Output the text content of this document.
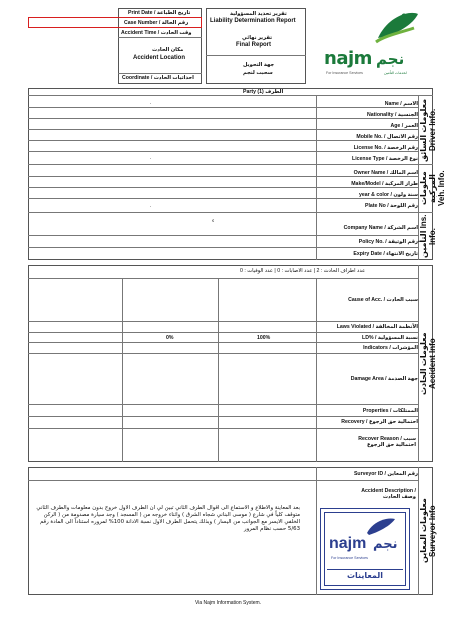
Print Date / تاريخ الطباعة
Case Number / رقم الحالة
Accident Time / وقت الحادث
مكان الحادث
Accident Location
Coordinate / احداثيات الحادث
تقرير تحديد المسؤولية
Liability Determination Report
تقرير نهائي
Final Report
جهة التحويل
سحبت لنجم
najm نجم
For Insurance Services	لخدمات التأمين
Party (1) الطرف
معلومات السائق Driver Info.
Name / الاسم
Nationality / الجنسية
Age / العمر
Mobile No. / رقم الاتصال
License No. / رقم الرخصة
License Type / نوع الرخصة
معلومات المركبة Veh. Info.
Owner Name / اسم المالك
Make/Model / طراز المركبة
year & color / سنة ولون
Plate No / رقم اللوحة
التأمين Ins. Info.
Company Name / اسم الشركة
Policy No. / رقم الوثيقة
Expiry Date / تاريخ الانتهاء
ء
.
.
.
عدد اطراف الحادث : 2 | عدد الاصابات : 0 | عدد الوفيات : 0
معلومات الحادث Accident Info
Cause of Acc. / سبب الحادث
Laws Violated / الأنظمة المخالفة
LD% / نسبة المسؤولية
0%	100%
Indicators / المؤشرات
Damage Area / جهة الصدمة
Properties / الممتلكات
Recovery / احتمالية حق الرجوع
Recover Reason / سبب احتمالية حق الرجوع
معلومات المعاين Surveyor Info
Surveyor ID / رقم المعاين
Accident Description / وصف الحادث
بعد المعاينة والاطلاع و الاستماع الى اقوال الطرف الثاني تبين لي ان الطرف الاول خروج بدون معلومات والطرف الثاني متوقف كلياً في شارع ( موسى البناني شجاه الشرق ) واثناء خروجه من ( المسجد ) وجد سيارة مصدومة من ( الركن الخلفي الايسر مع الجوانب من اليسار ) وبذلك يتحمل الطرف الاول نسبة الادانة 100% لمروره استناداً الى المادة رقم 5/63 حسب نظام المرور
najm نجم
For Insurance Services
المعاينات
Via Najm Information System.
